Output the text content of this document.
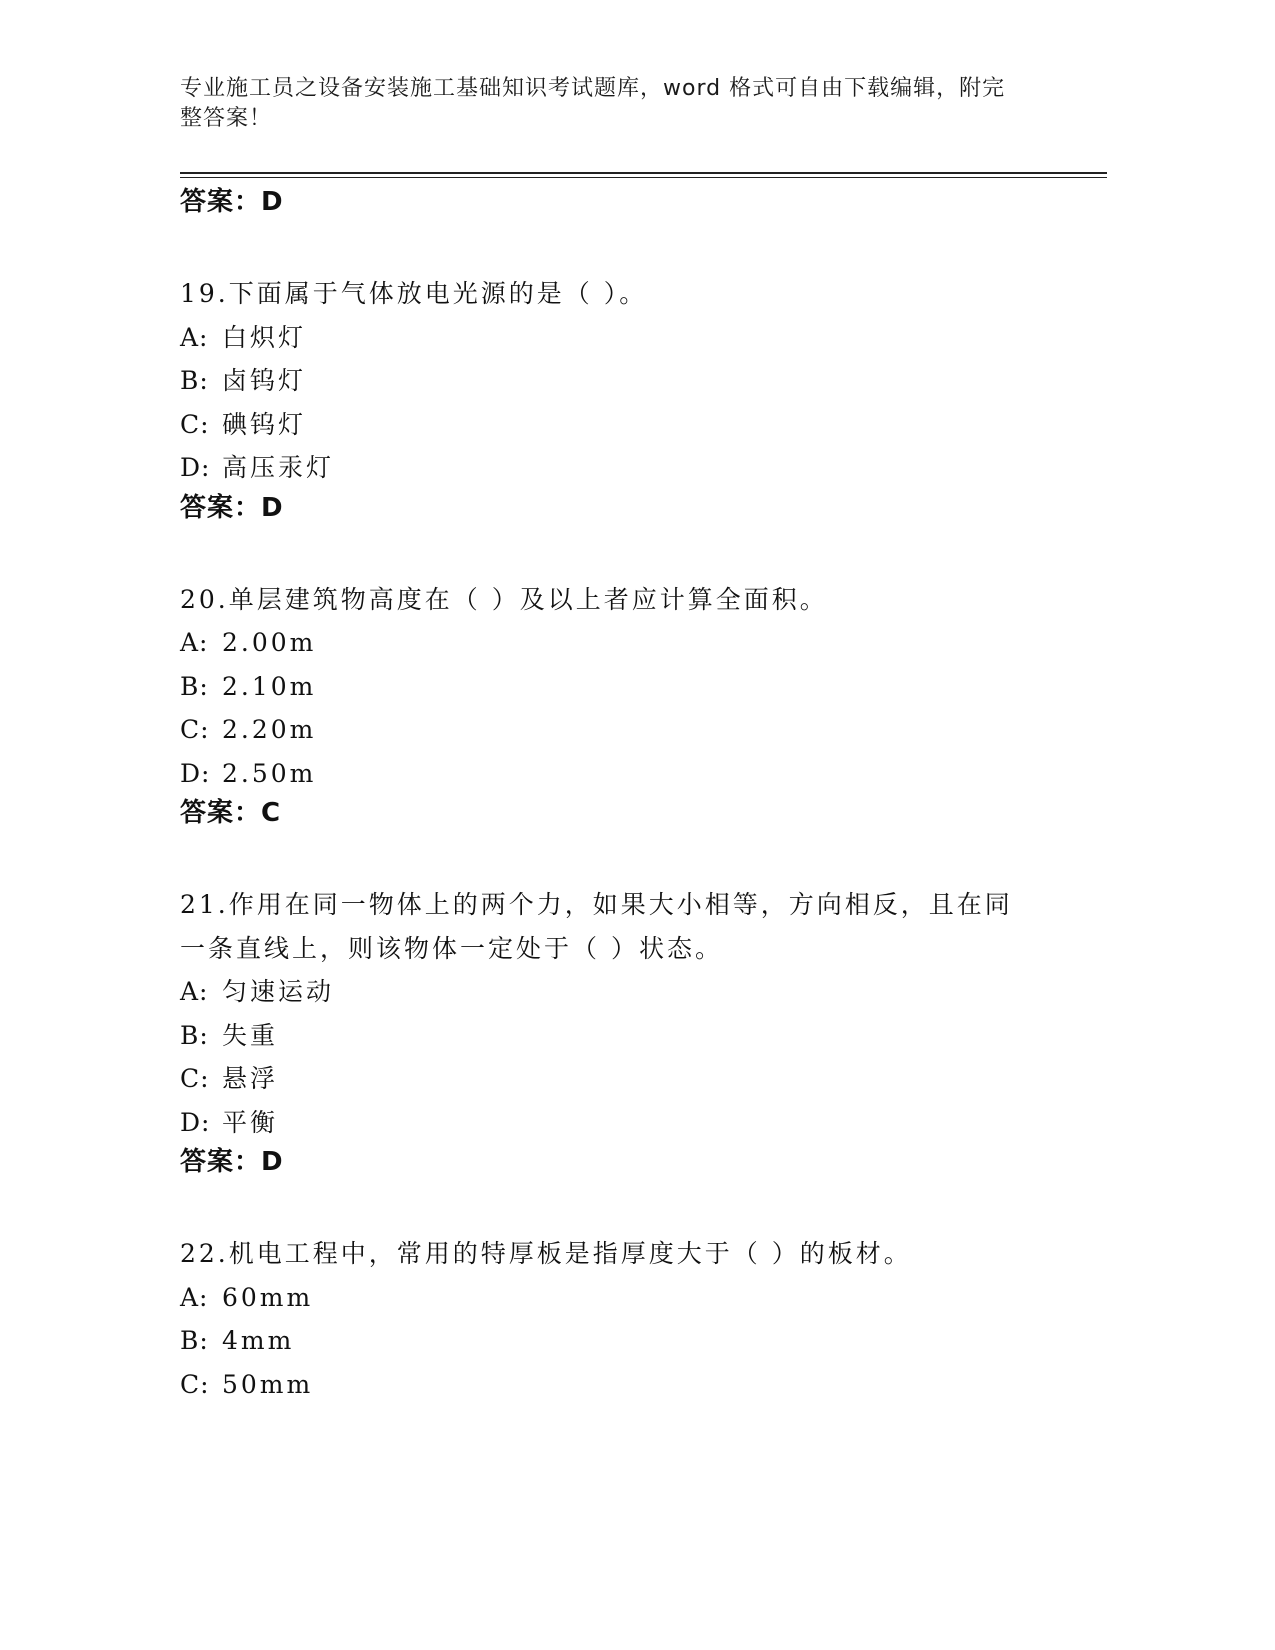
专业施工员之设备安装施工基础知识考试题库，word 格式可自由下载编辑，附完
整答案！
答案：D
19.下面属于气体放电光源的是（ ）。
A: 白炽灯
B: 卤钨灯
C: 碘钨灯
D: 高压汞灯
答案：D
20.单层建筑物高度在（ ）及以上者应计算全面积。
A: 2.00m
B: 2.10m
C: 2.20m
D: 2.50m
答案：C
21.作用在同一物体上的两个力，如果大小相等，方向相反，且在同一条直线上，则该物体一定处于（ ）状态。
A: 匀速运动
B: 失重
C: 悬浮
D: 平衡
答案：D
22.机电工程中，常用的特厚板是指厚度大于（ ）的板材。
A: 60mm
B: 4mm
C: 50mm
